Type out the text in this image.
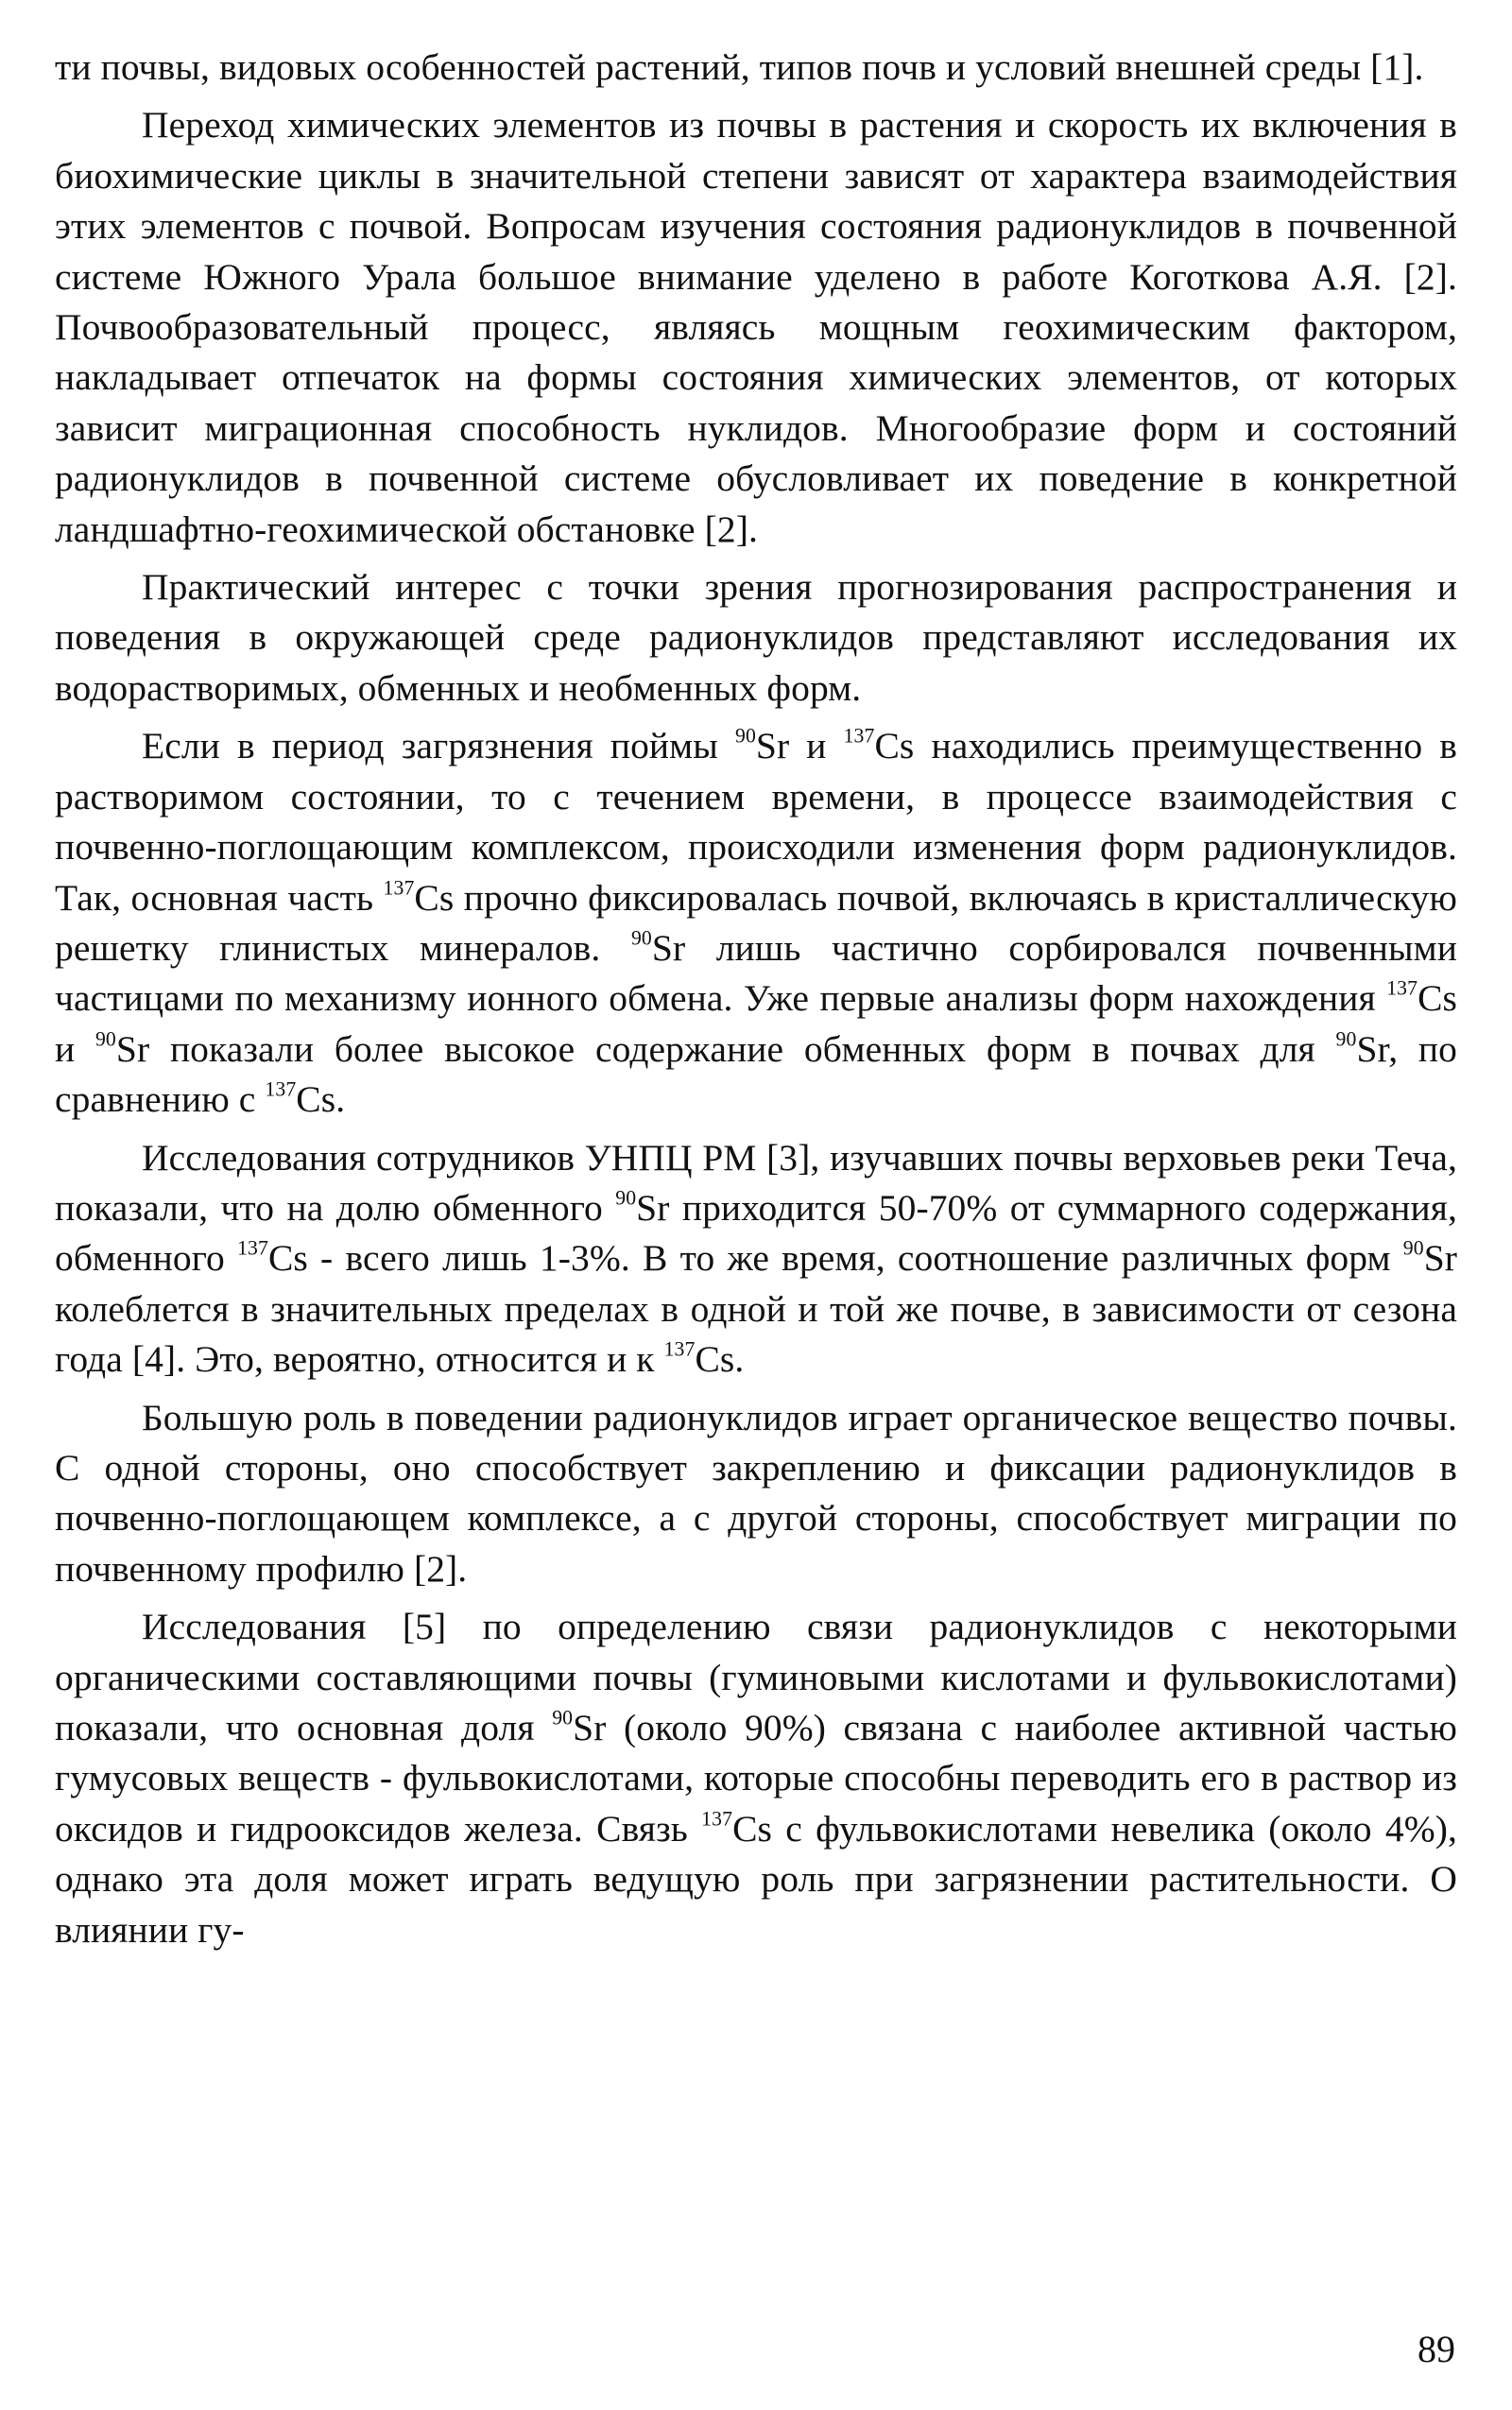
ти почвы, видовых особенностей растений, типов почв и условий внешней среды [1].

Переход химических элементов из почвы в растения и скорость их включения в биохимические циклы в значительной степени зависят от характера взаимодействия этих элементов с почвой. Вопросам изучения состояния радионуклидов в почвенной системе Южного Урала большое внимание уделено в работе Коготкова А.Я. [2]. Почвообразовательный процесс, являясь мощным геохимическим фактором, накладывает отпечаток на формы состояния химических элементов, от которых зависит миграционная способность нуклидов. Многообразие форм и состояний радионуклидов в почвенной системе обусловливает их поведение в конкретной ландшафтно-геохимической обстановке [2].

Практический интерес с точки зрения прогнозирования распространения и поведения в окружающей среде радионуклидов представляют исследования их водорастворимых, обменных и необменных форм.

Если в период загрязнения поймы $^{90}$Sr и $^{137}$Cs находились преимущественно в растворимом состоянии, то с течением времени, в процессе взаимодействия с почвенно-поглощающим комплексом, происходили изменения форм радионуклидов. Так, основная часть $^{137}$Cs прочно фиксировалась почвой, включаясь в кристаллическую решетку глинистых минералов. $^{90}$Sr лишь частично сорбировался почвенными частицами по механизму ионного обмена. Уже первые анализы форм нахождения $^{137}$Cs и $^{90}$Sr показали более высокое содержание обменных форм в почвах для $^{90}$Sr, по сравнению с $^{137}$Cs.

Исследования сотрудников УНПЦ РМ [3], изучавших почвы верховьев реки Теча, показали, что на долю обменного $^{90}$Sr приходится 50-70% от суммарного содержания, обменного $^{137}$Cs - всего лишь 1-3%. В то же время, соотношение различных форм $^{90}$Sr колеблется в значительных пределах в одной и той же почве, в зависимости от сезона года [4]. Это, вероятно, относится и к $^{137}$Cs.

Большую роль в поведении радионуклидов играет органическое вещество почвы. С одной стороны, оно способствует закреплению и фиксации радионуклидов в почвенно-поглощающем комплексе, а с другой стороны, способствует миграции по почвенному профилю [2].

Исследования [5] по определению связи радионуклидов с некоторыми органическими составляющими почвы (гуминовыми кислотами и фульвокислотами) показали, что основная доля $^{90}$Sr (около 90%) связана с наиболее активной частью гумусовых веществ - фульвокислотами, которые способны переводить его в раствор из оксидов и гидрооксидов железа. Связь $^{137}$Cs с фульвокислотами невелика (около 4%), однако эта доля может играть ведущую роль при загрязнении растительности. О влиянии гу-

89
